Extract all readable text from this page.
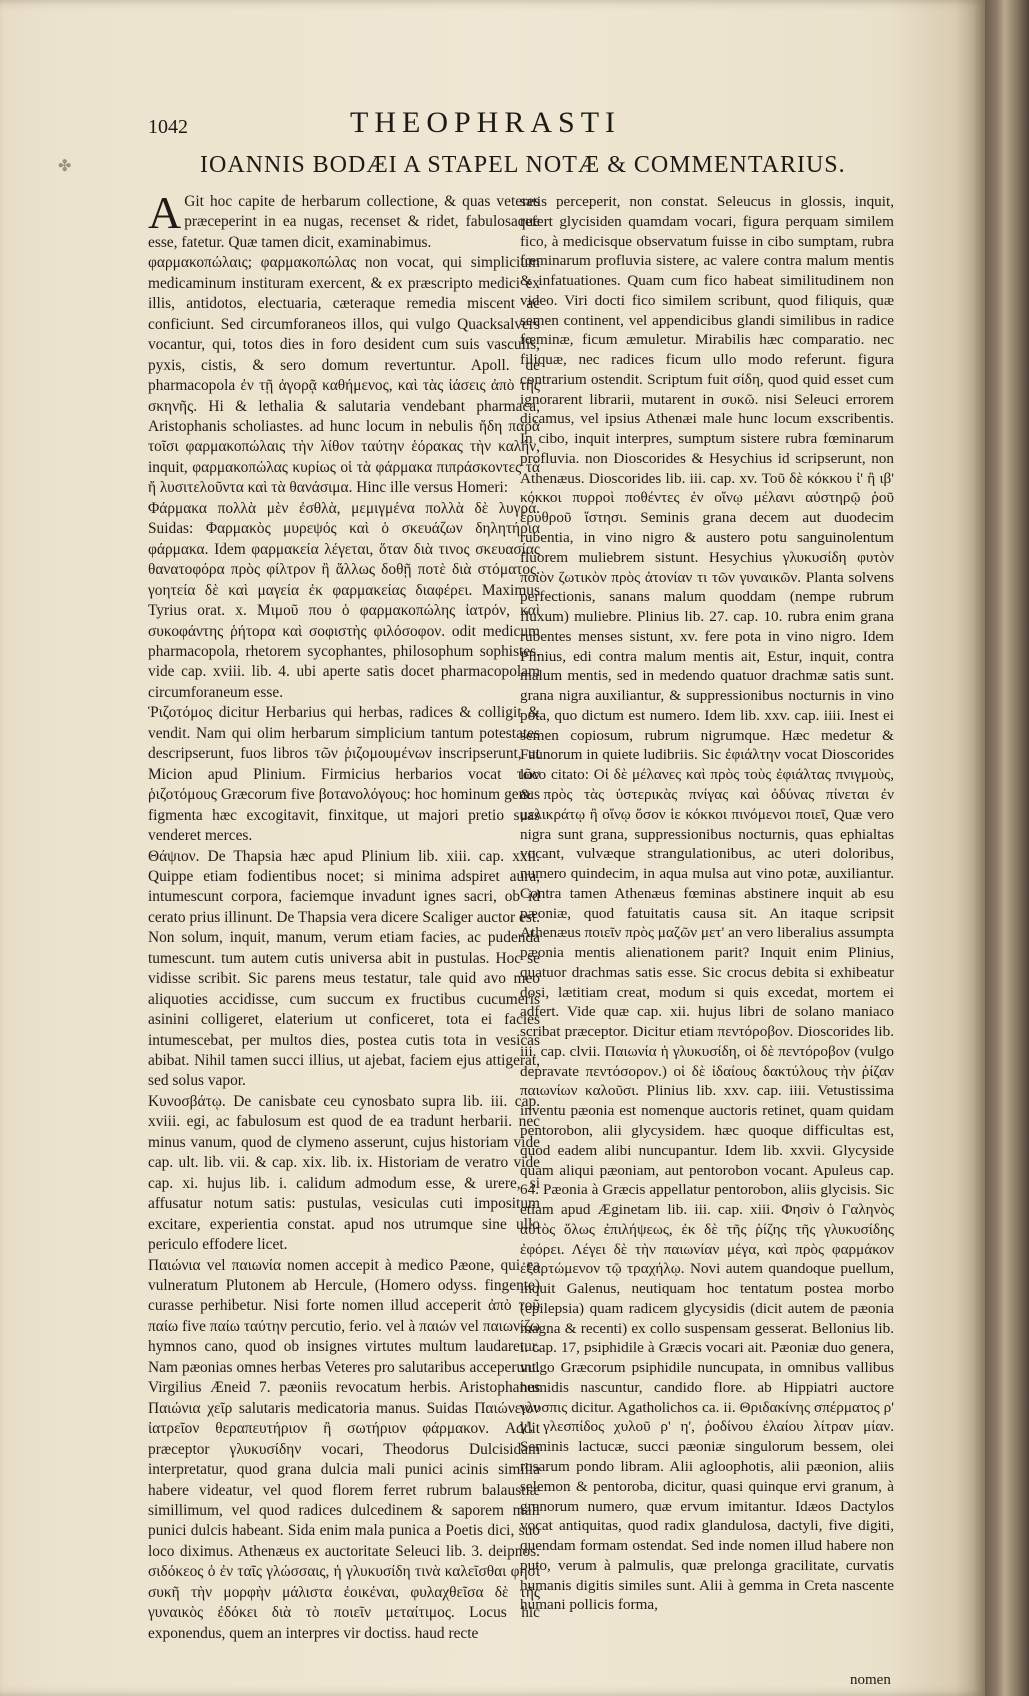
✤
1042	THEOPHRASTI
IOANNIS BODÆI A STAPEL NOTÆ & COMMENTARIUS.
A Git hoc capite de herbarum collectione, & quas veteres præceperint in ea nugas, recenset & ridet, fabulosaque esse, fatetur. Quæ tamen dicit, examinabimus.

φαρμακοπώλαις; φαρμακοπώλας non vocat, qui simplicium medicaminum instituram exercent, & ex præscripto medici ex illis, antidotos, electuaria, cæteraque remedia miscent ac conficiunt. Sed circumforaneos illos, qui vulgo Quacksalvers vocantur, qui, totos dies in foro desident cum suis vasculis, pyxis, cistis, & sero domum revertuntur. Apoll. de pharmacopola ἐν τῇ ἀγορᾷ καθήμενος, καὶ τὰς ἰάσεις ἀπὸ τῆς σκηνῆς. Hi & lethalia & salutaria vendebant pharmaca, Aristophanis scholiastes. ad hunc locum in nebulis ἤδη παρὰ τοῖσι φαρμακοπώλαις τὴν λίθον ταύτην ἑόρακας τὴν καλήν, inquit, φαρμακοπώλας κυρίως οἱ τὰ φάρμακα πιπράσκοντες τά ἤ λυσιτελοῦντα καὶ τὰ θανάσιμα. Hinc ille versus Homeri:

Φάρμακα πολλὰ μὲν ἐσθλὰ, μεμιγμένα πολλὰ δὲ λυγρά. Suidas: Φαρμακὸς μυρεψός καὶ ὁ σκευάζων δηλητήρια φάρμακα. Idem φαρμακεία λέγεται, ὅταν διὰ τινος σκευασίας θανατοφόρα πρὸς φίλτρον ἢ ἄλλως δοθῇ ποτὲ διὰ στόματος. γοητεία δὲ καὶ μαγεία ἐκ φαρμακείας διαφέρει. Maximus Tyrius orat. x. Μιμοῦ που ὁ φαρμακοπώλης ἰατρόν, καὶ συκοφάντης ῥήτορα καὶ σοφιστὴς φιλόσοφον. odit medicum pharmacopola, rhetorem sycophantes, philosophum sophistes. vide cap. xviii. lib. 4. ubi aperte satis docet pharmacopolam circumforaneum esse.

Ῥιζοτόμος dicitur Herbarius qui herbas, radices & colligit & vendit. Nam qui olim herbarum simplicium tantum potestates descripserunt, fuos libros τῶν ῥιζομουμένων inscripserunt, ut Micion apud Plinium. Firmicius herbarios vocat τῶν ῥιζοτόμους Græcorum five βοτανολόγους: hoc hominum genus figmenta hæc excogitavit, finxitque, ut majori pretio suas venderet merces.

Θάψιον. De Thapsia hæc apud Plinium lib. xiii. cap. xxii. Quippe etiam fodientibus nocet; si minima adspiret aura, intumescunt corpora, faciemque invadunt ignes sacri, ob id cerato prius illinunt. De Thapsia vera dicere Scaliger auctor est. Non solum, inquit, manum, verum etiam facies, ac pudenda tumescunt. tum autem cutis universa abit in pustulas. Hoc se vidisse scribit. Sic parens meus testatur, tale quid avo meo aliquoties accidisse, cum succum ex fructibus cucumeris asinini colligeret, elaterium ut conficeret, tota ei facies intumescebat, per multos dies, postea cutis tota in vesicas abibat. Nihil tamen succi illius, ut ajebat, faciem ejus attigerat, sed solus vapor.

Κυνοσβάτῳ. De canisbate ceu cynosbato supra lib. iii. cap. xviii. egi, ac fabulosum est quod de ea tradunt herbarii. nec minus vanum, quod de clymeno asserunt, cujus historiam vide cap. ult. lib. vii. & cap. xix. lib. ix. Historiam de veratro vide cap. xi. hujus lib. i. calidum admodum esse, & urere, si affusatur notum satis: pustulas, vesiculas cuti impositum excitare, experientia constat. apud nos utrumque sine ullo periculo effodere licet.

Παιώνια vel παιωνία nomen accepit à medico Pæone, qui ea vulneratum Plutonem ab Hercule, (Homero odyss. fingente) curasse perhibetur. Nisi forte nomen illud acceperit ἀπὸ τοῦ παίω five παίω ταύτην percutio, ferio. vel à παιών vel παιωνίζω hymnos cano, quod ob insignes virtutes multum laudaretur. Nam pæonias omnes herbas Veteres pro salutaribus acceperunt. Virgilius Æneid 7. pæoniis revocatum herbis. Aristophanes Παιώνια χεῖρ salutaris medicatoria manus. Suidas Παιώνειον ἰατρεῖον θεραπευτήριον ἢ σωτήριον φάρμακον. Addit præceptor γλυκυσίδην vocari, Theodorus Dulcisidam interpretatur, quod grana dulcia mali punici acinis similia habere videatur, vel quod florem ferret rubrum balaustiæ simillimum, vel quod radices dulcedinem & saporem mali punici dulcis habeant. Sida enim mala punica a Poetis dici, suo loco diximus. Athenæus ex auctoritate Seleuci lib. 3. deipnos. σιδόκεος ὁ ἐν ταῖς γλώσσαις, ἡ γλυκυσίδη τινὰ καλεῖσθαι φησὶ συκῆ τὴν μορφὴν μάλιστα ἐοικέναι, φυλαχθεῖσα δὲ τῆς γυναικὸς ἐδόκει διὰ τὸ ποιεῖν μεταίτιμος. Locus hic exponendus, quem an interpres vir doctiss. haud recte

satis perceperit, non constat. Seleucus in glossis, inquit, refert glycisiden quamdam vocari, figura perquam similem fico, à medicisque observatum fuisse in cibo sumptam, rubra fœminarum profluvia sistere, ac valere contra malum mentis & infatuationes. Quam cum fico habeat similitudinem non video. Viri docti fico similem scribunt, quod filiquis, quæ semen continent, vel appendicibus glandi similibus in radice fœminæ, ficum æmuletur. Mirabilis hæc comparatio. nec filiquæ, nec radices ficum ullo modo referunt. figura contrarium ostendit. Scriptum fuit σίδη, quod quid esset cum ignorarent librarii, mutarent in συκῶ. nisi Seleuci errorem dicamus, vel ipsius Athenæi male hunc locum exscribentis. In cibo, inquit interpres, sumptum sistere rubra fœminarum profluvia. non Dioscorides & Hesychius id scripserunt, non Athenæus. Dioscorides lib. iii. cap. xv. Τοῦ δὲ κόκκου ἰ' ἢ ιβ' κόκκοι πυρροὶ ποθέντες ἐν οἴνῳ μέλανι αὐστηρῷ ῥοῦ ἐρυθροῦ ἵστησι. Seminis grana decem aut duodecim rubentia, in vino nigro & austero potu sanguinolentum fluorem muliebrem sistunt. Hesychius γλυκυσίδη φυτὸν ποιὸν ζωτικὸν πρὸς ἀτονίαν τι τῶν γυναικῶν. Planta solvens perfectionis, sanans malum quoddam (nempe rubrum fluxum) muliebre. Plinius lib. 27. cap. 10. rubra enim grana rubentes menses sistunt, xv. fere pota in vino nigro. Idem Plinius, edi contra malum mentis ait, Estur, inquit, contra malum mentis, sed in medendo quatuor drachmæ satis sunt. grana nigra auxiliantur, & suppressionibus nocturnis in vino pota, quo dictum est numero. Idem lib. xxv. cap. iiii. Inest ei semen copiosum, rubrum nigrumque. Hæc medetur & Faunorum in quiete ludibriis. Sic ἐφιάλτην vocat Dioscorides loco citato: Οἱ δὲ μέλανες καὶ πρὸς τοὺς ἐφιάλτας πνιγμοὺς, & πρὸς τὰς ὑστερικὰς πνίγας καὶ ὀδύνας πίνεται ἐν μελικράτῳ ἢ οἴνῳ ὅσον ἱε κόκκοι πινόμενοι ποιεῖ, Quæ vero nigra sunt grana, suppressionibus nocturnis, quas ephialtas vocant, vulvæque strangulationibus, ac uteri doloribus, numero quindecim, in aqua mulsa aut vino potæ, auxiliantur. Contra tamen Athenæus fœminas abstinere inquit ab esu pæoniæ, quod fatuitatis causa sit. An itaque scripsit Athenæus ποιεῖν πρὸς μαζῶν μετ' an vero liberalius assumpta pæonia mentis alienationem parit? Inquit enim Plinius, quatuor drachmas satis esse. Sic crocus debita si exhibeatur dosi, lætitiam creat, modum si quis excedat, mortem ei adfert. Vide quæ cap. xii. hujus libri de solano maniaco scribat præceptor. Dicitur etiam πεντόροβον. Dioscorides lib. iii. cap. clvii. Παιωνία ἡ γλυκυσίδη, οἱ δὲ πεντόροβον (vulgo depravate πεντόσορον.) οἱ δὲ ἰδαίους δακτύλους τὴν ῥίζαν παιωνίων καλοῦσι. Plinius lib. xxv. cap. iiii. Vetustissima inventu pæonia est nomenque auctoris retinet, quam quidam pentorobon, alii glycysidem. hæc quoque difficultas est, quod eadem alibi nuncupantur. Idem lib. xxvii. Glycyside quam aliqui pæoniam, aut pentorobon vocant. Apuleus cap. 64. Pæonia à Græcis appellatur pentorobon, aliis glycisis. Sic etiam apud Æginetam lib. iii. cap. xiii. Φησὶν ὁ Γαληνὸς αὐτὸς ὅλως ἐπιλήψεως, ἐκ δὲ τῆς ῥίζης τῆς γλυκυσίδης ἐφόρει. Λέγει δὲ τὴν παιωνίαν μέγα, καὶ πρὸς φαρμάκον ἐξαρτώμενον τῷ τραχήλῳ. Novi autem quandoque puellum, inquit Galenus, neutiquam hoc tentatum postea morbo (epilepsia) quam radicem glycysidis (dicit autem de pæonia magna & recenti) ex collo suspensam gesserat. Bellonius lib. i. cap. 17, psiphidile à Græcis vocari ait. Pæoniæ duo genera, vulgo Græcorum psiphidile nuncupata, in omnibus vallibus humidis nascuntur, candido flore. ab Hippiatri auctore γλυσπις dicitur. Agatholichos ca. ii. Θριδακίνης σπέρματος ρ' γ', γλεσπίδος χυλοῦ ρ' η', ῥοδίνου ἐλαίου λίτραν μίαν. Seminis lactucæ, succi pæoniæ singulorum bessem, olei rosarum pondo libram. Alii agloophotis, alii pæonion, aliis selemon & pentoroba, dicitur, quasi quinque ervi granum, à granorum numero, quæ ervum imitantur. Idæos Dactylos vocat antiquitas, quod radix glandulosa, dactyli, five digiti, quendam formam ostendat. Sed inde nomen illud habere non puto, verum à palmulis, quæ prelonga gracilitate, curvatis humanis digitis similes sunt. Alii à gemma in Creta nascente humani pollicis forma,

nomen
